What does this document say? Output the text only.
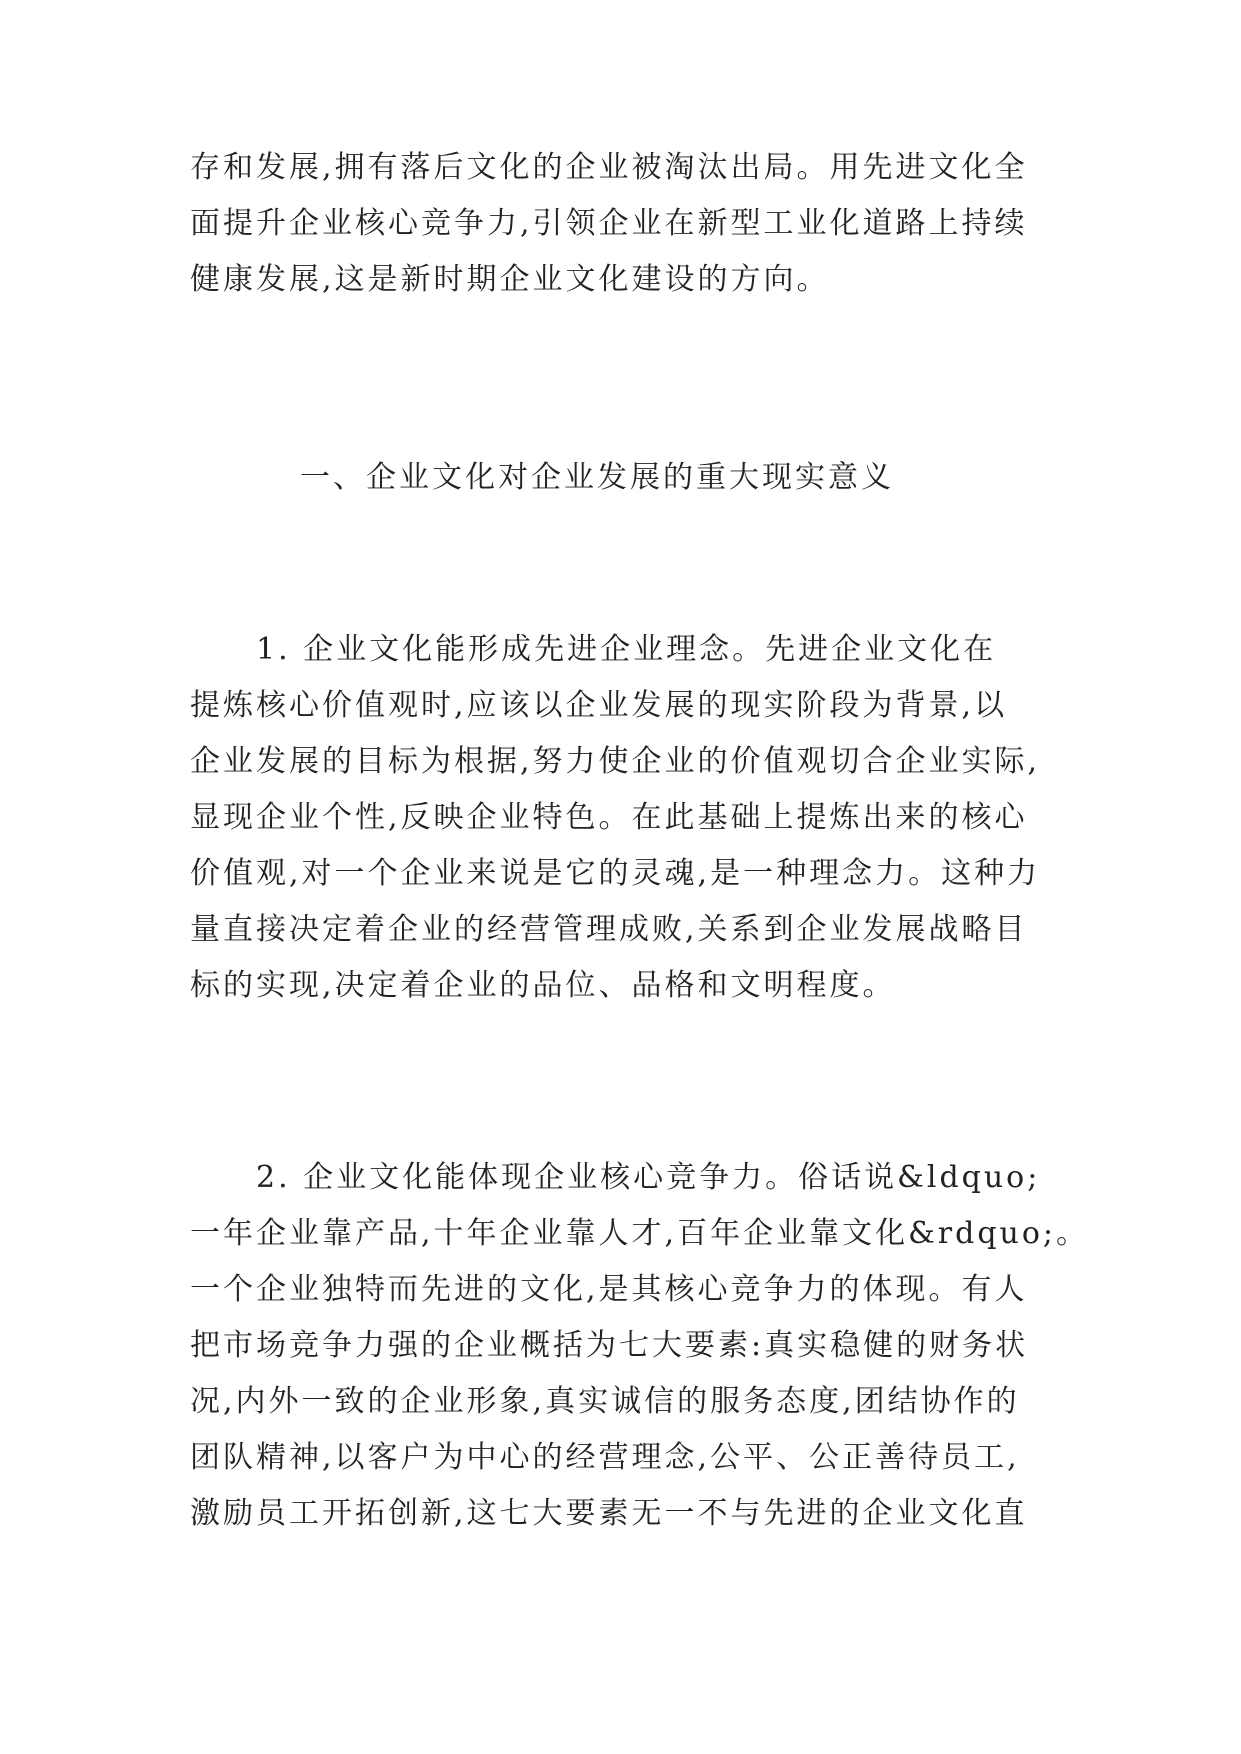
存和发展,拥有落后文化的企业被淘汰出局。用先进文化全
面提升企业核心竞争力,引领企业在新型工业化道路上持续
健康发展,这是新时期企业文化建设的方向。
一、企业文化对企业发展的重大现实意义
　　1. 企业文化能形成先进企业理念。先进企业文化在
提炼核心价值观时,应该以企业发展的现实阶段为背景,以
企业发展的目标为根据,努力使企业的价值观切合企业实际,
显现企业个性,反映企业特色。在此基础上提炼出来的核心
价值观,对一个企业来说是它的灵魂,是一种理念力。这种力
量直接决定着企业的经营管理成败,关系到企业发展战略目
标的实现,决定着企业的品位、品格和文明程度。
　　2. 企业文化能体现企业核心竞争力。俗话说&ldquo;
一年企业靠产品,十年企业靠人才,百年企业靠文化&rdquo;。
一个企业独特而先进的文化,是其核心竞争力的体现。有人
把市场竞争力强的企业概括为七大要素:真实稳健的财务状
况,内外一致的企业形象,真实诚信的服务态度,团结协作的
团队精神,以客户为中心的经营理念,公平、公正善待员工,
激励员工开拓创新,这七大要素无一不与先进的企业文化直
